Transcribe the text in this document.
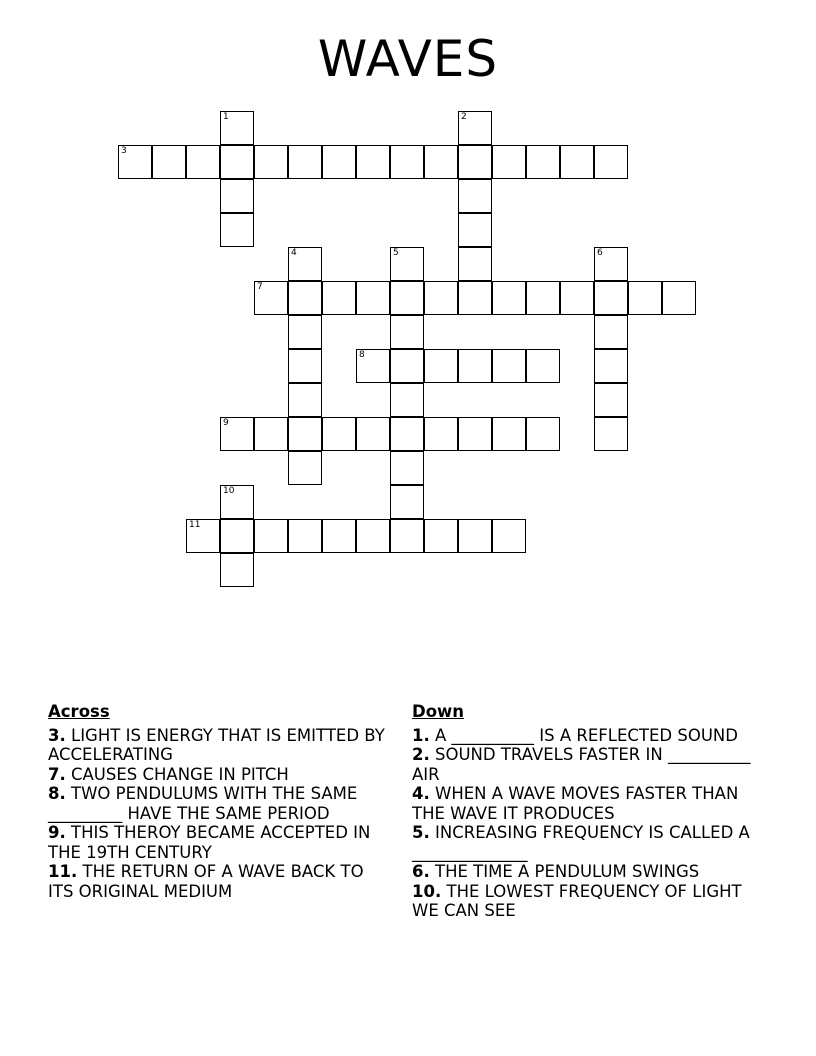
WAVES
3
7
8
9
11
1	2
4	5	6
10
Across
3. LIGHT IS ENERGY THAT IS EMITTED BY ACCELERATING
7. CAUSES CHANGE IN PITCH
8. TWO PENDULUMS WITH THE SAME _________ HAVE THE SAME PERIOD
9. THIS THEROY BECAME ACCEPTED IN THE 19TH CENTURY
11. THE RETURN OF A WAVE BACK TO ITS ORIGINAL MEDIUM
Down
1. A __________ IS A REFLECTED SOUND
2. SOUND TRAVELS FASTER IN __________ AIR
4. WHEN A WAVE MOVES FASTER THAN THE WAVE IT PRODUCES
5. INCREASING FREQUENCY IS CALLED A ______________
6. THE TIME A PENDULUM SWINGS
10. THE LOWEST FREQUENCY OF LIGHT WE CAN SEE
